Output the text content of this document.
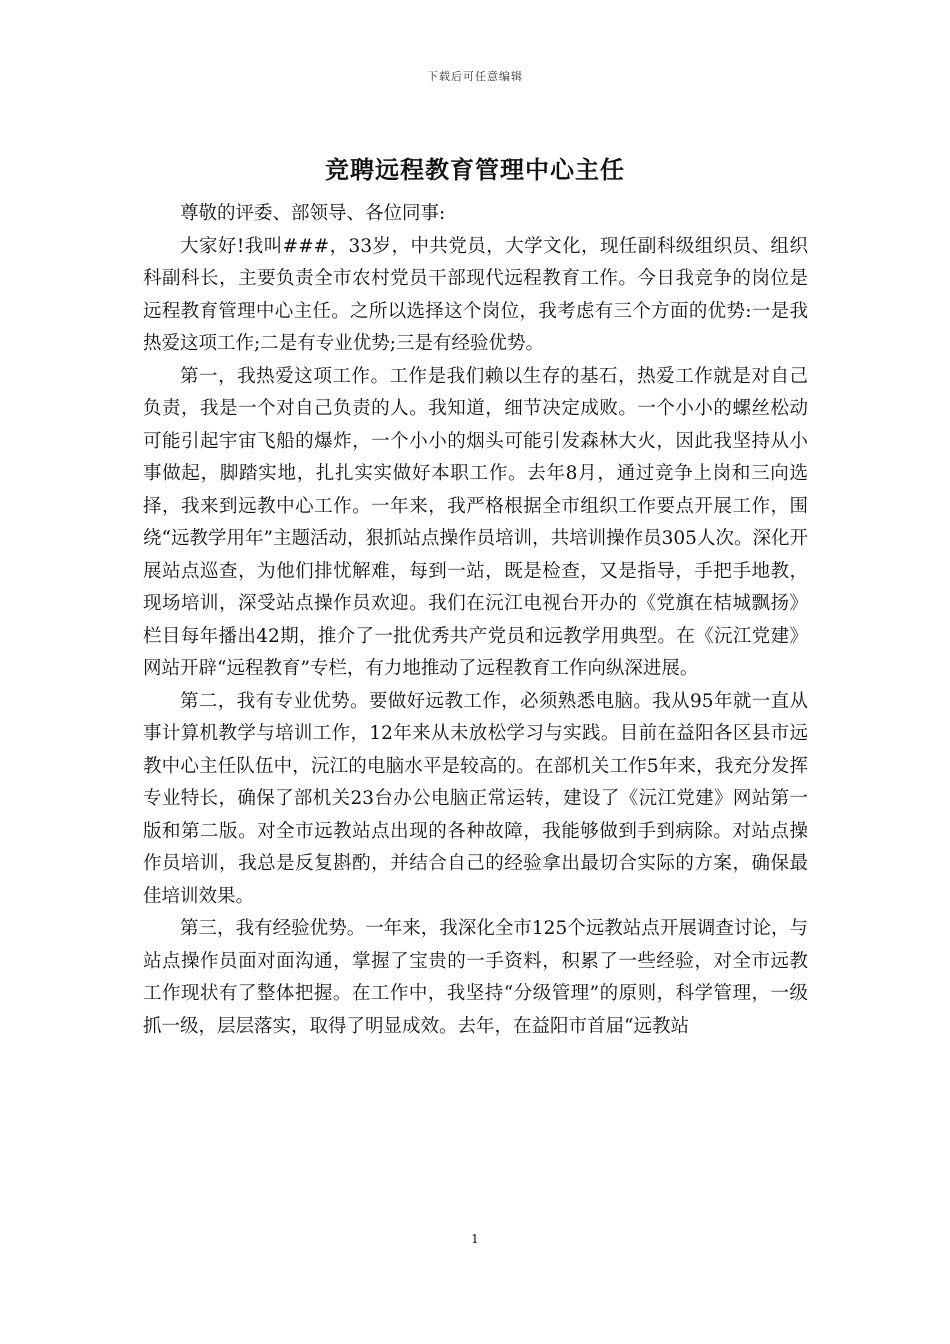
下载后可任意编辑
竞聘远程教育管理中心主任

尊敬的评委、部领导、各位同事:

大家好!我叫###，33岁，中共党员，大学文化，现任副科级组织员、组织科副科长，主要负责全市农村党员干部现代远程教育工作。今日我竞争的岗位是远程教育管理中心主任。之所以选择这个岗位，我考虑有三个方面的优势:一是我热爱这项工作;二是有专业优势;三是有经验优势。

第一，我热爱这项工作。工作是我们赖以生存的基石，热爱工作就是对自己负责，我是一个对自己负责的人。我知道，细节决定成败。一个小小的螺丝松动可能引起宇宙飞船的爆炸，一个小小的烟头可能引发森林大火，因此我坚持从小事做起，脚踏实地，扎扎实实做好本职工作。去年8月，通过竞争上岗和三向选择，我来到远教中心工作。一年来，我严格根据全市组织工作要点开展工作，围绕“远教学用年”主题活动，狠抓站点操作员培训，共培训操作员305人次。深化开展站点巡查，为他们排忧解难，每到一站，既是检查，又是指导，手把手地教，现场培训，深受站点操作员欢迎。我们在沅江电视台开办的《党旗在桔城飘扬》栏目每年播出42期，推介了一批优秀共产党员和远教学用典型。在《沅江党建》网站开辟“远程教育”专栏，有力地推动了远程教育工作向纵深进展。

第二，我有专业优势。要做好远教工作，必须熟悉电脑。我从95年就一直从事计算机教学与培训工作，12年来从未放松学习与实践。目前在益阳各区县市远教中心主任队伍中，沅江的电脑水平是较高的。在部机关工作5年来，我充分发挥专业特长，确保了部机关23台办公电脑正常运转，建设了《沅江党建》网站第一版和第二版。对全市远教站点出现的各种故障，我能够做到手到病除。对站点操作员培训，我总是反复斟酌，并结合自己的经验拿出最切合实际的方案，确保最佳培训效果。

第三，我有经验优势。一年来，我深化全市125个远教站点开展调查讨论，与站点操作员面对面沟通，掌握了宝贵的一手资料，积累了一些经验，对全市远教工作现状有了整体把握。在工作中，我坚持“分级管理”的原则，科学管理，一级抓一级，层层落实，取得了明显成效。去年，在益阳市首届“远教站

1
